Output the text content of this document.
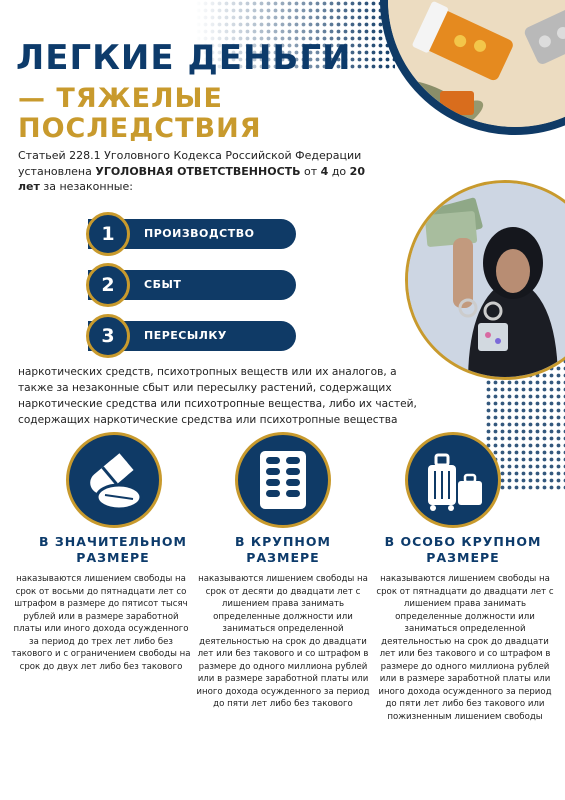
ЛЕГКИЕ ДЕНЬГИ
— ТЯЖЕЛЫЕ ПОСЛЕДСТВИЯ
Статьей 228.1 Уголовного Кодекса Российской Федерации установлена УГОЛОВНАЯ ОТВЕТСТВЕННОСТЬ от 4 до 20 лет за незаконные:
ПРОИЗВОДСТВО
1
СБЫТ
2
ПЕРЕСЫЛКУ
3
наркотических средств, психотропных веществ или их аналогов, а также за незаконные сбыт или пересылку растений, содержащих наркотические средства или психотропные вещества, либо их частей, содержащих наркотические средства или психотропные вещества
В ЗНАЧИТЕЛЬНОМ
РАЗМЕРЕ
В КРУПНОМ
РАЗМЕРЕ
В ОСОБО КРУПНОМ
РАЗМЕРЕ
наказываются лишением свободы на срок от восьми до пятнадцати лет со штрафом в размере до пятисот тысяч рублей или в размере заработной платы или иного дохода осужденного за период до трех лет либо без такового и с ограничением свободы на срок до двух лет либо без такового
наказываются лишением свободы на срок от десяти до двадцати лет с лишением права занимать определенные должности или заниматься определенной деятельностью на срок до двадцати лет или без такового и со штрафом в размере до одного миллиона рублей или в размере заработной платы или иного дохода осужденного за период до пяти лет либо без такового
наказываются лишением свободы на срок от пятнадцати до двадцати лет с лишением права занимать определенные должности или заниматься определенной деятельностью на срок до двадцати лет или без такового и со штрафом в размере до одного миллиона рублей или в размере заработной платы или иного дохода осужденного за период до пяти лет либо без такового или пожизненным лишением свободы
